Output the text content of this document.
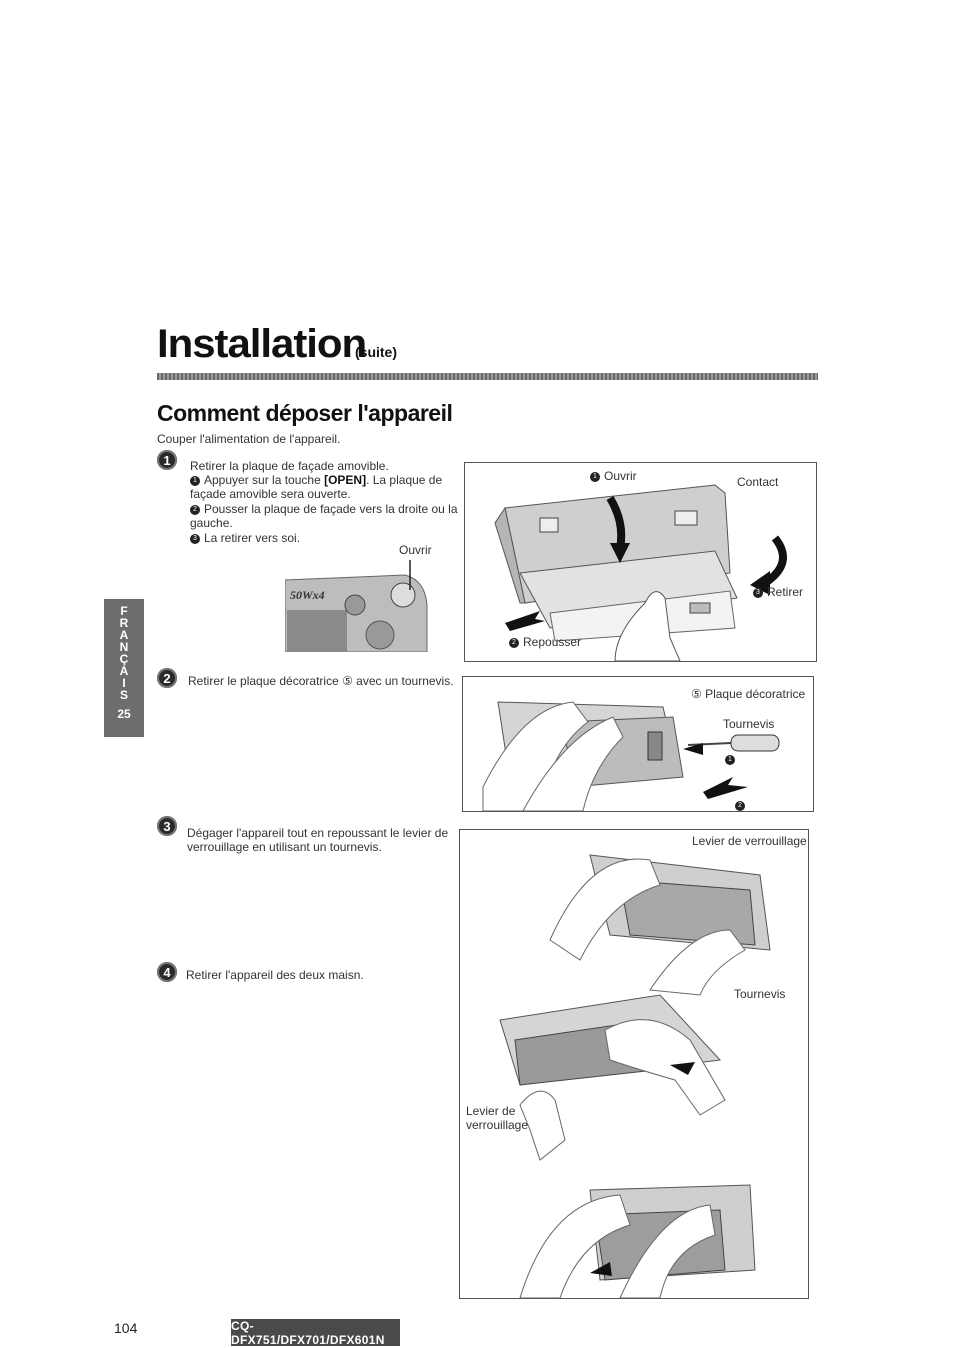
Installation
(suite)
Comment déposer l'appareil
Couper l'alimentation de l'appareil.
F
R
A
N
Ç
A
I
S
25
1	Retirer la plaque de façade amovible.
1 Appuyer sur la touche [OPEN]. La plaque de façade amovible sera ouverte.
2 Pousser la plaque de façade vers la droite ou la gauche.
3 La retirer vers soi.
Ouvrir
50Wx4
1 Ouvrir	Contact
3 Retirer
2 Repousser
2	Retirer le plaque décoratrice ⑤ avec un tournevis.
⑤ Plaque décoratrice
Tournevis
1
2
3	Dégager l'appareil tout en repoussant le levier de verrouillage en utilisant un tournevis.
4	Retirer l'appareil des deux maisn.
Levier de verrouillage
Tournevis
Levier de
verrouillage
104	CQ-DFX751/DFX701/DFX601N
